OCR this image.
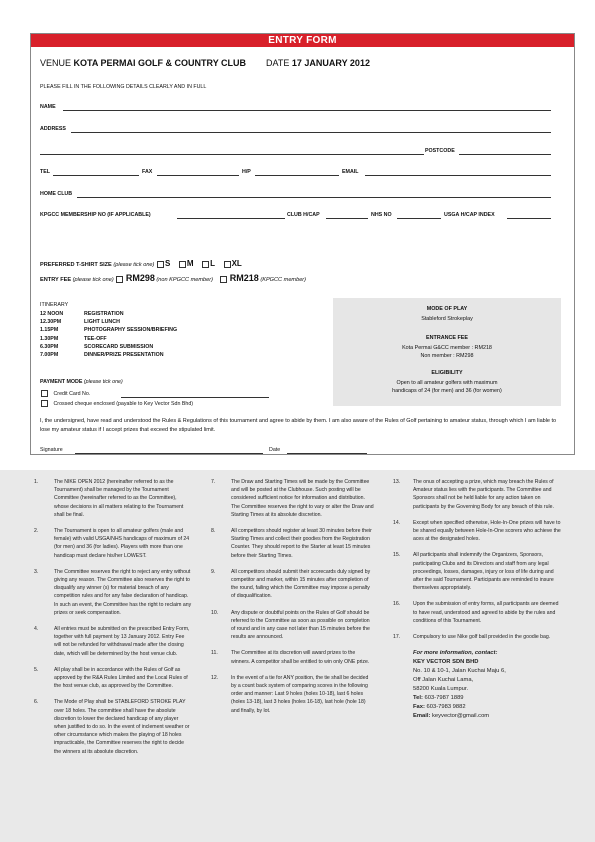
ENTRY FORM
VENUE KOTA PERMAI GOLF & COUNTRY CLUB DATE 17 JANUARY 2012
PLEASE FILL IN THE FOLLOWING DETAILS CLEARLY AND IN FULL
NAME
ADDRESS
POSTCODE
TEL	FAX	H/P	EMAIL
HOME CLUB
KPGCC MEMBERSHIP NO (IF APPLICABLE)	CLUB H/CAP	NHS NO	USGA H/CAP INDEX
PREFERRED T-SHIRT SIZE (please tick one) S M L XL
ENTRY FEE (please tick one) RM298 (non KPGCC member) RM218 (KPGCC member)
ITINERARY
12 NOON	REGISTRATION
12.30PM	LIGHT LUNCH
1.15PM	PHOTOGRAPHY SESSION/BRIEFING
1.30PM	TEE-OFF
6.30PM	SCORECARD SUBMISSION
7.00PM	DINNER/PRIZE PRESENTATION
PAYMENT MODE (please tick one)
Credit Card No.
Crossed cheque enclosed (payable to Key Vector Sdn Bhd)
MODE OF PLAY
Stableford Strokeplay
ENTRANCE FEE
Kota Permai G&CC member : RM218
Non member : RM298
ELIGIBILITY
Open to all amateur golfers with maximum
handicaps of 24 (for men) and 36 (for women)
I, the undersigned, have read and understood the Rules & Regulations of this tournament and agree to abide by them. I am also aware of the Rules of Golf pertaining to amateur status, through which I am liable to lose my amateur status if I accept prizes that exceed the stipulated limit.
Signature	Date
1.	The NIKE OPEN 2012 (hereinafter referred to as the Tournament) shall be managed by the Tournament Committee (hereinafter referred to as the Committee), whose decisions in all matters relating to the Tournament shall be final.
2.	The Tournament is open to all amateur golfers (male and female) with valid USGA/NHS handicaps of maximum of 24 (for men) and 36 (for ladies). Players with more than one handicap must declare his/her LOWEST.
3.	The Committee reserves the right to reject any entry without giving any reason. The Committee also reserves the right to disqualify any winner (s) for material breach of any competition rules and for any false declaration of handicap. In such an event, the Committee has the right to reclaim any prizes or seek compensation.
4.	All entries must be submitted on the prescribed Entry Form, together with full payment by 13 January 2012. Entry Fee will not be refunded for withdrawal made after the closing date, which will be determined by the host venue club.
5.	All play shall be in accordance with the Rules of Golf as approved by the R&A Rules Limited and the Local Rules of the host venue club, as approved by the Committee.
6.	The Mode of Play shall be STABLEFORD STROKE PLAY over 18 holes. The committee shall have the absolute discretion to lower the declared handicap of any player when justified to do so. In the event of inclement weather or other circumstance which makes the playing of 18 holes impracticable, the Committee reserves the right to decide the winners at its absolute discretion.
7.	The Draw and Starting Times will be made by the Committee and will be posted at the Clubhouse. Such posting will be considered sufficient notice for information and distribution. The Committee reserves the right to vary or alter the Draw and Starting Times at its absolute discretion.
8.	All competitors should register at least 30 minutes before their Starting Times and collect their goodies from the Registration Counter. They should report to the Starter at least 15 minutes before their Starting Times.
9.	All competitors should submit their scorecards duly signed by competitor and marker, within 15 minutes after completion of the round, failing which the Committee may impose a penalty of disqualification.
10. Any dispute or doubtful points on the Rules of Golf should be referred to the Committee as soon as possible on completion of round and in any case not later than 15 minutes before the results are announced.
11.	The Committee at its discretion will award prizes to the winners. A competitor shall be entitled to win only ONE prize.
12. In the event of a tie for ANY position, the tie shall be decided by a count back system of comparing scores in the following order and manner: Last 9 holes (holes 10-18), last 6 holes (holes 13-18), last 3 holes (holes 16-18), last hole (hole 18) and finally, by lot.
13. The onus of accepting a prize, which may breach the Rules of Amateur status lies with the participants. The Committee and Sponsors shall not be held liable for any action taken on participants by the Governing Body for any breach of this rule.
14. Except when specified otherwise, Hole-In-One prizes will have to be shared equally between Hole-In-One scorers who achieve the aces at the designated holes.
15. All participants shall indemnify the Organizers, Sponsors, participating Clubs and its Directors and staff from any legal proceedings, losses, damages, injury or loss of life during and after the said Tournament. Participants are reminded to insure themselves appropriately.
16. Upon the submission of entry forms, all participants are deemed to have read, understood and agreed to abide by the rules and conditions of this Tournament.
17. Compulsory to use Nike golf ball provided in the goodie bag.
For more information, contact:
KEY VECTOR SDN BHD
No. 10 & 10-1, Jalan Kuchai Maju 6,
Off Jalan Kuchai Lama,
58200 Kuala Lumpur.
Tel: 603-7987 1889
Fax: 603-7983 9882
Email: keyvector@gmail.com
